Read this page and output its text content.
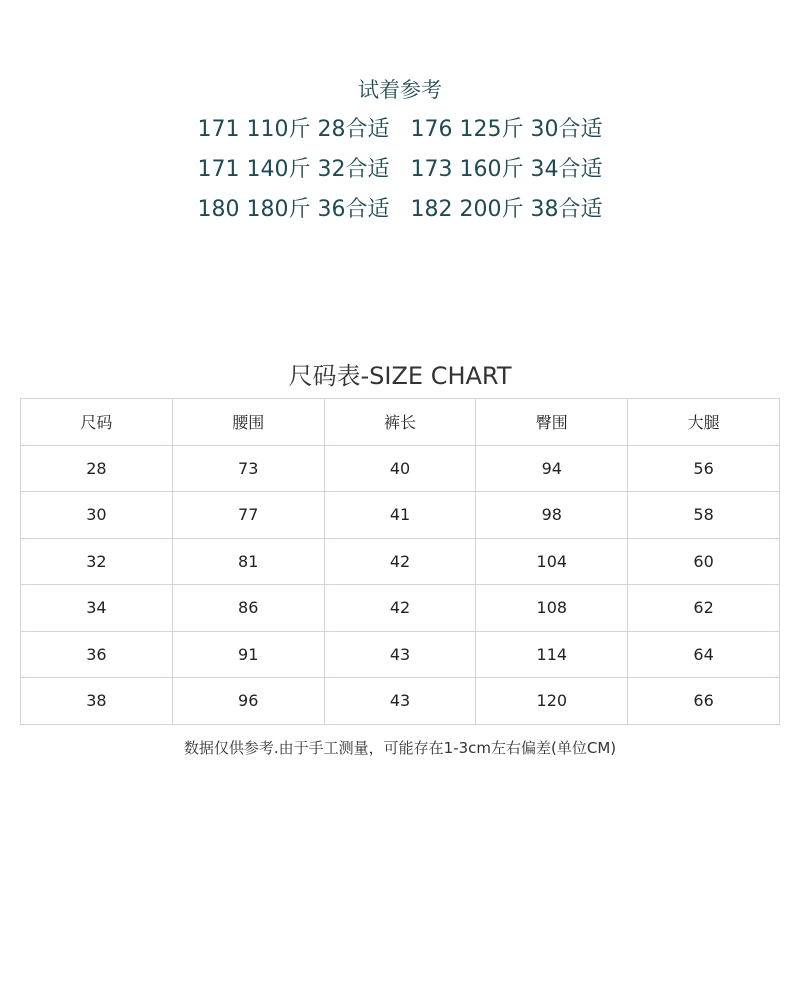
试着参考
171 110斤 28合适   176 125斤 30合适
171 140斤 32合适   173 160斤 34合适
180 180斤 36合适   182 200斤 38合适
尺码表-SIZE CHART
尺码	腰围	裤长	臀围	大腿
28	73	40	94	56
30	77	41	98	58
32	81	42	104	60
34	86	42	108	62
36	91	43	114	64
38	96	43	120	66
数据仅供参考.由于手工测量，可能存在1-3cm左右偏差(单位CM)
